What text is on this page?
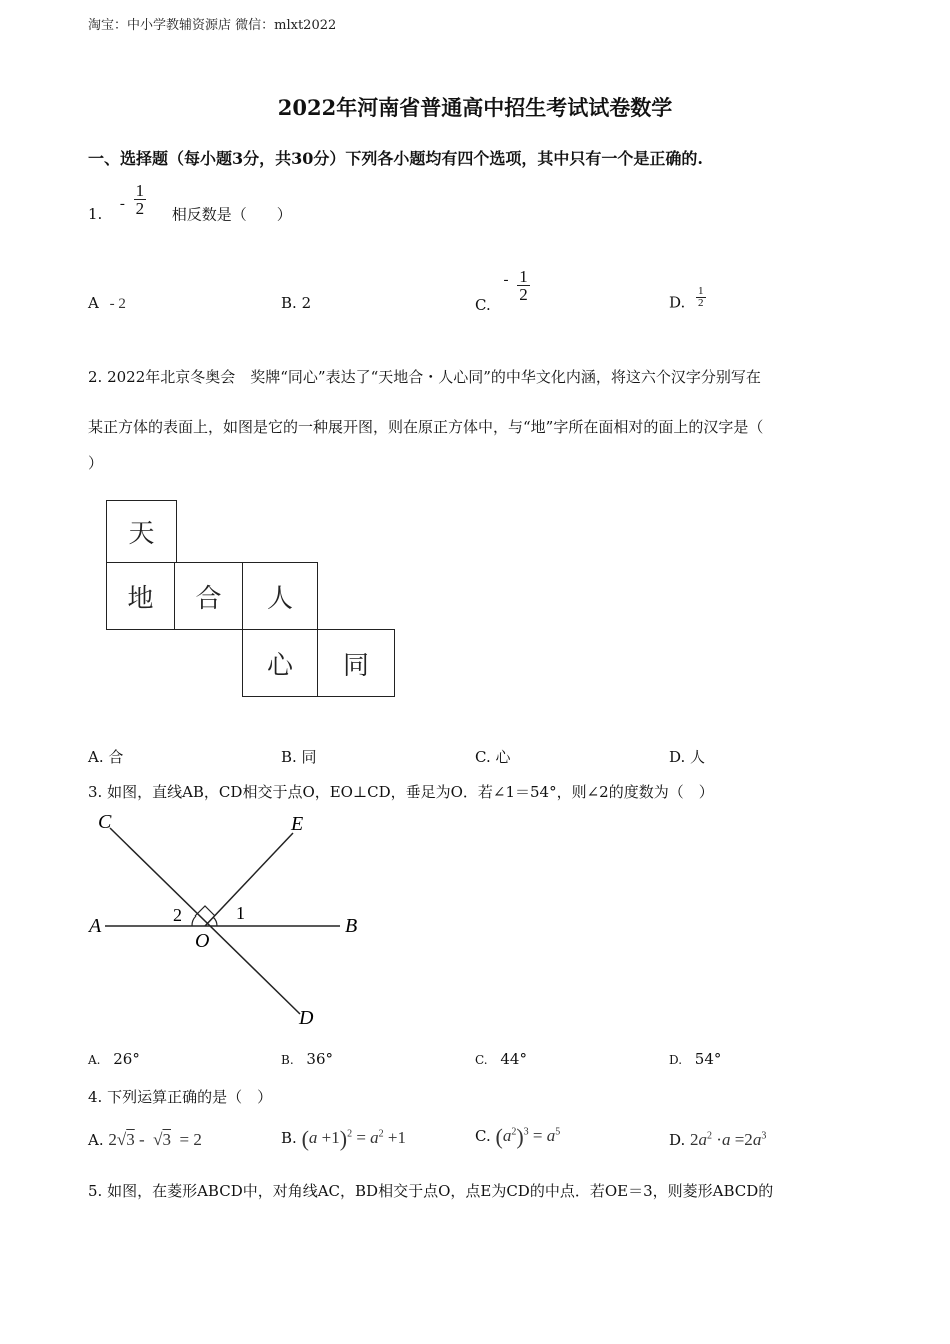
淘宝：中小学教辅资源店 微信：mlxt2022
2022年河南省普通高中招生考试试卷数学
一、选择题（每小题3分，共30分）下列各小题均有四个选项，其中只有一个是正确的.
1.  - $\frac{1}{2}$ 相反数是（　　）
A - 2	B. 2	C. - $\frac{1}{2}$	D. $\frac{1}{2}$
2. 2022年北京冬奥会　奖牌“同心”表达了“天地合・人心同”的中华文化内涵，将这六个汉字分别写在
某正方体的表面上，如图是它的一种展开图，则在原正方体中，与“地”字所在面相对的面上的汉字是（
）
天
地	合	人
心	同
A. 合	B. 同	C. 心	D. 人
3. 如图，直线AB，CD相交于点O，EO⊥CD，垂足为O．若∠1＝54°，则∠2的度数为（　）
C	E
A	B
O
D
2	1
A. 26°	B. 36°	C. 44°	D. 54°
4. 下列运算正确的是（　）
A. 2√3 -  √3  = 2	B. $(a +1)^2 = a^2 +1$	C. $(a^2)^3 = a^5$	D. $2a^2 \cdot a =2a^3$
5. 如图，在菱形ABCD中，对角线AC，BD相交于点O，点E为CD的中点．若OE＝3，则菱形ABCD的
